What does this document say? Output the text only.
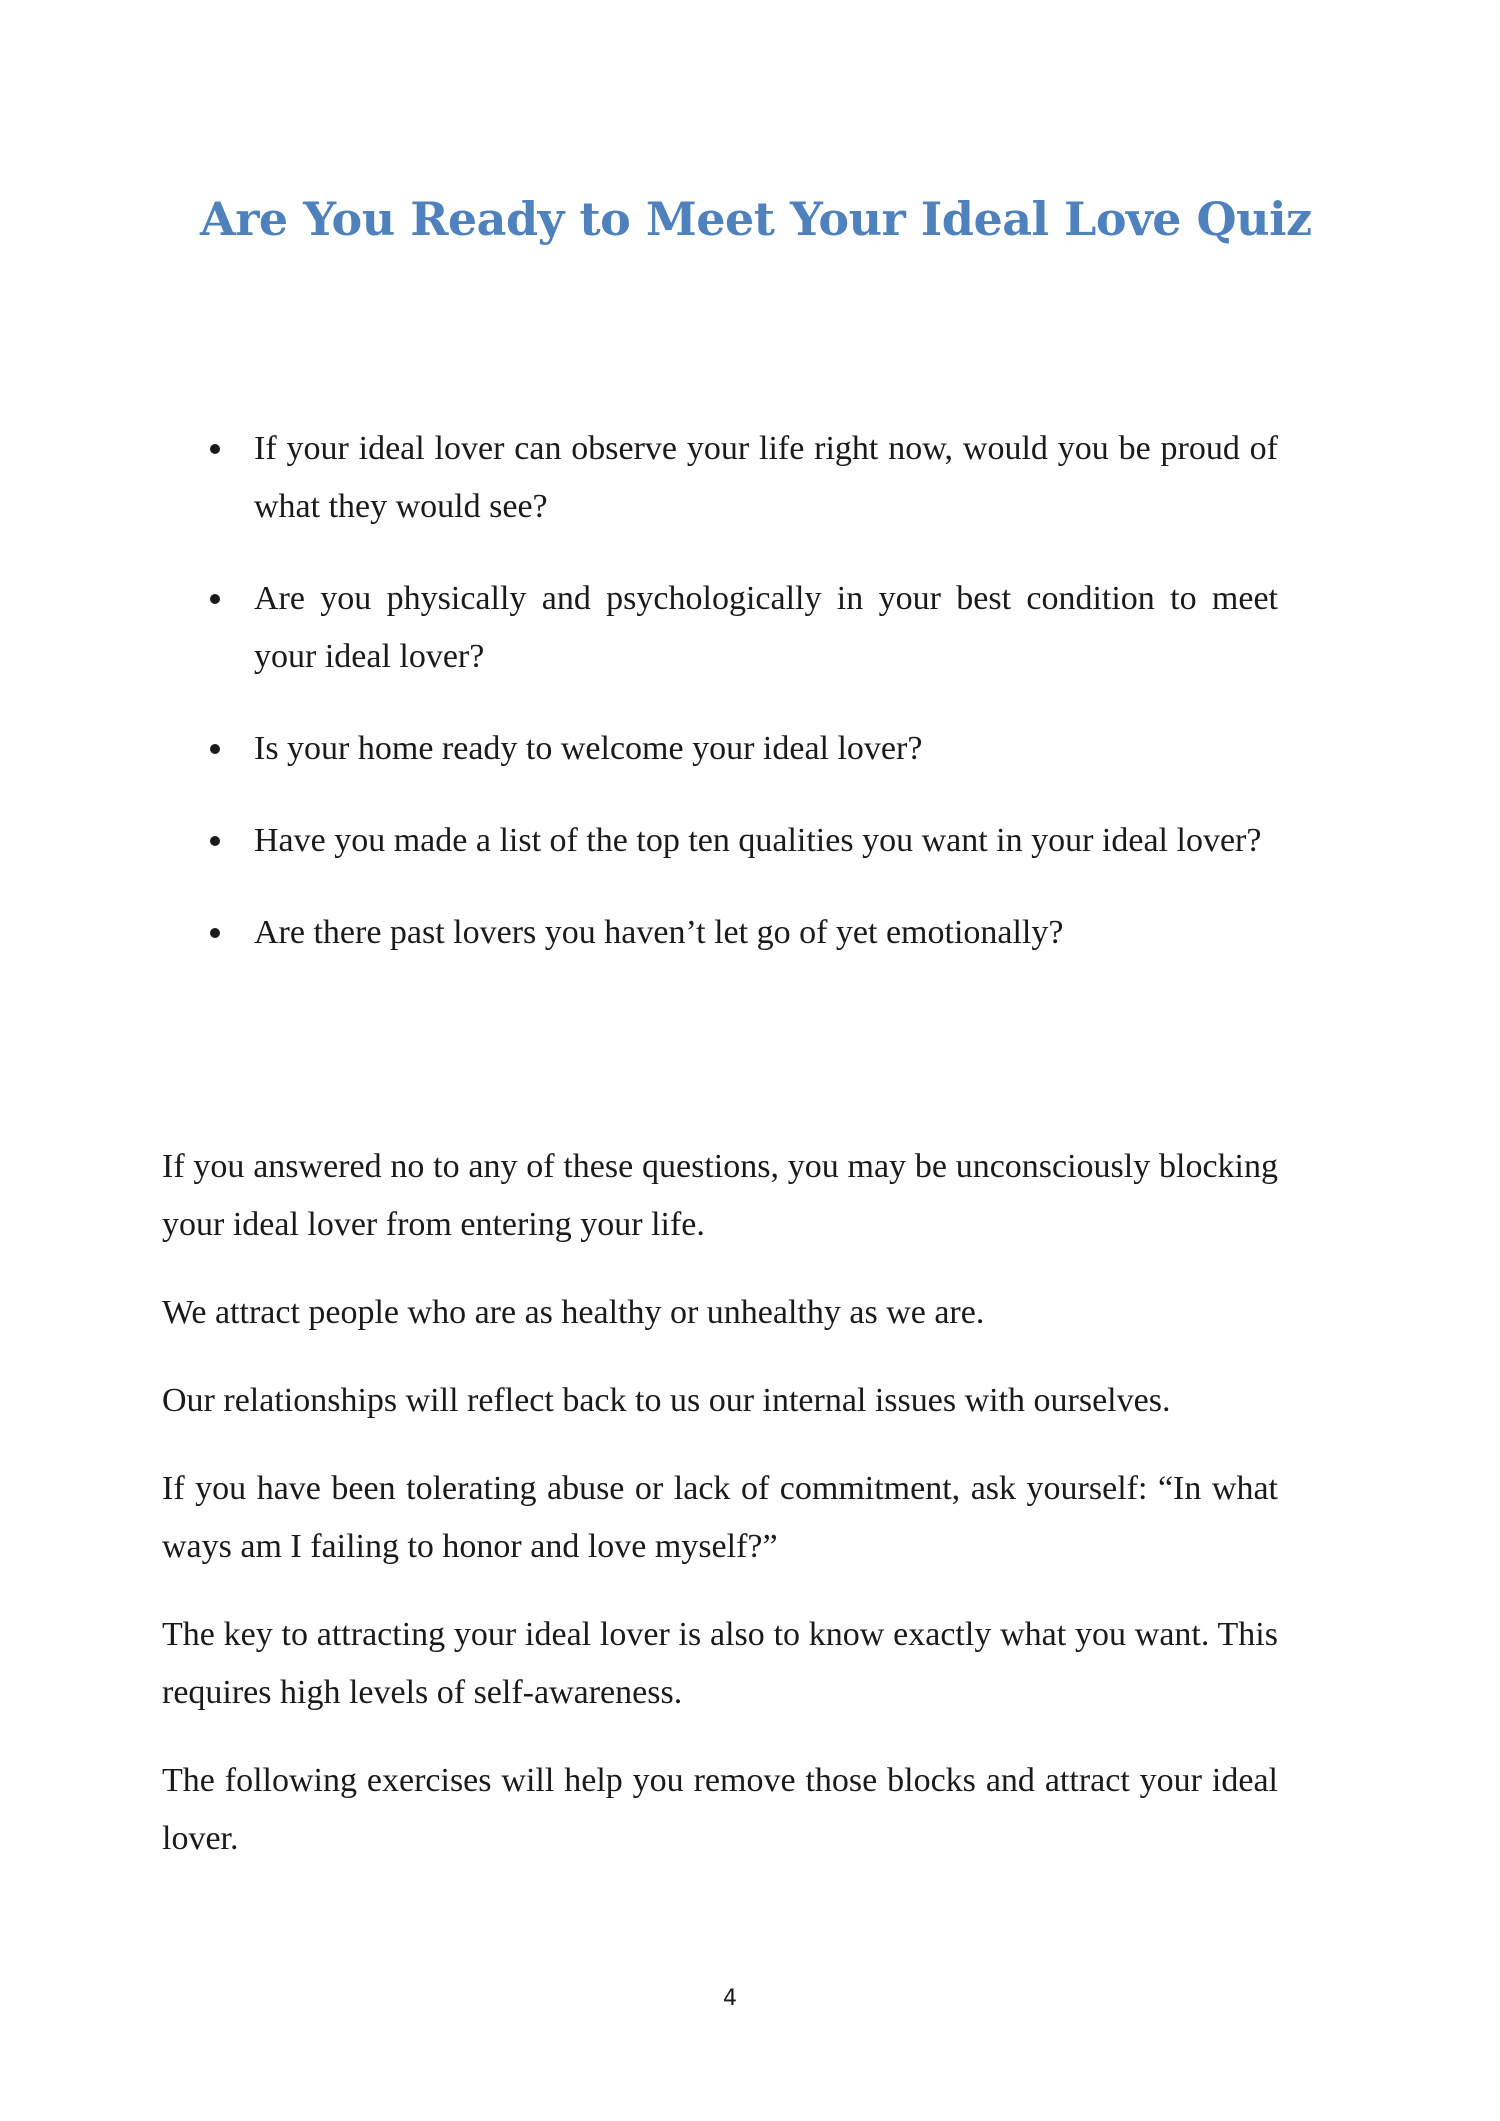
Are You Ready to Meet Your Ideal Love Quiz
If your ideal lover can observe your life right now, would you be proud of what they would see?
Are you physically and psychologically in your best condition to meet your ideal lover?
Is your home ready to welcome your ideal lover?
Have you made a list of the top ten qualities you want in your ideal lover?
Are there past lovers you haven’t let go of yet emotionally?

If you answered no to any of these questions, you may be unconsciously blocking your ideal lover from entering your life.

We attract people who are as healthy or unhealthy as we are.

Our relationships will reflect back to us our internal issues with ourselves.

If you have been tolerating abuse or lack of commitment, ask yourself: “In what ways am I failing to honor and love myself?”

The key to attracting your ideal lover is also to know exactly what you want. This requires high levels of self-awareness.

The following exercises will help you remove those blocks and attract your ideal lover.

4
